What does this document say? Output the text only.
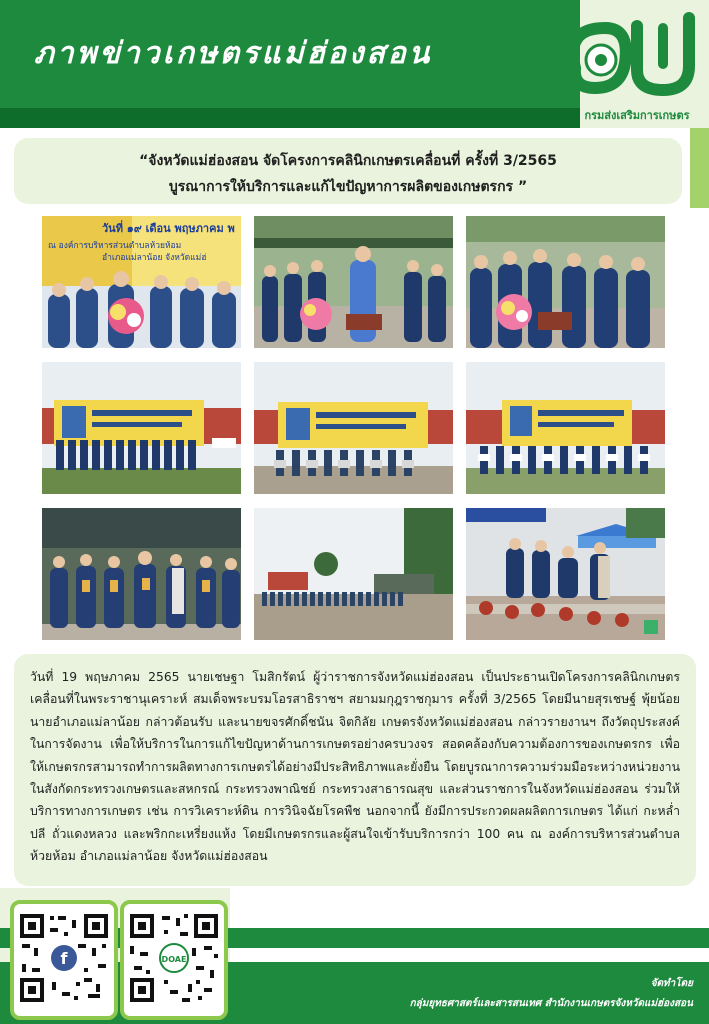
ภาพข่าวเกษตรแม่ฮ่องสอน
กรมส่งเสริมการเกษตร
“จังหวัดแม่ฮ่องสอน จัดโครงการคลินิกเกษตรเคลื่อนที่ ครั้งที่ 3/2565
บูรณาการให้บริการและแก้ไขปัญหาการผลิตของเกษตรกร ”
วันที่ ๑๙ เดือน พฤษภาคม พ
ณ องค์การบริหารส่วนตำบลห้วยห้อม
อำเภอแม่ลาน้อย จังหวัดแม่ฮ่

วันที่ 19 พฤษภาคม 2565 นายเชษฐา โมสิกรัตน์ ผู้ว่าราชการจังหวัดแม่ฮ่องสอน เป็นประธานเปิดโครงการคลินิกเกษตรเคลื่อนที่ในพระราชานุเคราะห์ สมเด็จพระบรมโอรสาธิราชฯ สยามมกุฎราชกุมาร ครั้งที่ 3/2565 โดยมีนายสุรเชษฐ์ พุ้ยน้อย นายอำเภอแม่ลาน้อย กล่าวต้อนรับ และนายขจรศักดิ์ชนัน จิตกิลัย เกษตรจังหวัดแม่ฮ่องสอน กล่าวรายงานฯ ถึงวัตถุประสงค์ในการจัดงาน เพื่อให้บริการในการแก้ไขปัญหาด้านการเกษตรอย่างครบวงจร สอดคล้องกับความต้องการของเกษตรกร เพื่อให้เกษตรกรสามารถทำการผลิตทางการเกษตรได้อย่างมีประสิทธิภาพและยั่งยืน โดยบูรณาการความร่วมมือระหว่างหน่วยงานในสังกัดกระทรวงเกษตรและสหกรณ์ กระทรวงพาณิชย์ กระทรวงสาธารณสุข และส่วนราชการในจังหวัดแม่ฮ่องสอน ร่วมให้บริการทางการเกษตร เช่น การวิเคราะห์ดิน การวินิจฉัยโรคพืช นอกจากนี้ ยังมีการประกวดผลผลิตการเกษตร ได้แก่ กะหล่ำปลี ถั่วแดงหลวง และพริกกะเหรี่ยงแห้ง โดยมีเกษตรกรและผู้สนใจเข้ารับบริการกว่า 100 คน ณ องค์การบริหารส่วนตำบลห้วยห้อม อำเภอแม่ลาน้อย จังหวัดแม่ฮ่องสอน

f	DOAE
จัดทำโดย
กลุ่มยุทธศาสตร์และสารสนเทศ สำนักงานเกษตรจังหวัดแม่ฮ่องสอน
